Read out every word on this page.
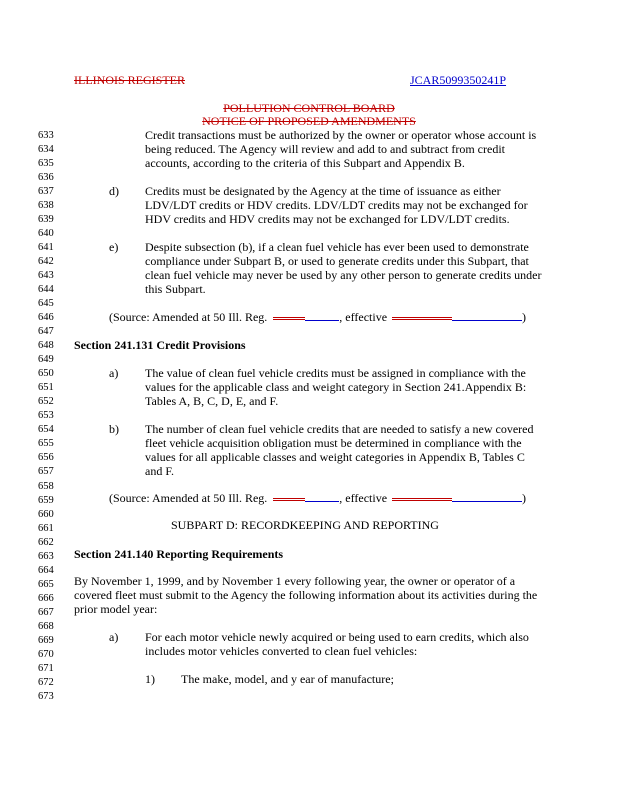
ILLINOIS REGISTER	JCAR5099350241P
POLLUTION CONTROL BOARD
NOTICE OF PROPOSED AMENDMENTS
633
634
635
636
637
638
639
640
641
642
643
644
645
646
647
648
649
650
651
652
653
654
655
656
657
658
659
660
661
662
663
664
665
666
667
668
669
670
671
672
673
Credit transactions must be authorized by the owner or operator whose account is
being reduced. The Agency will review and add to and subtract from credit
accounts, according to the criteria of this Subpart and Appendix B.
d) Credits must be designated by the Agency at the time of issuance as either
LDV/LDT credits or HDV credits. LDV/LDT credits may not be exchanged for
HDV credits and HDV credits may not be exchanged for LDV/LDT credits.
e) Despite subsection (b), if a clean fuel vehicle has ever been used to demonstrate
compliance under Subpart B, or used to generate credits under this Subpart, that
clean fuel vehicle may never be used by any other person to generate credits under
this Subpart.
(Source: Amended at 50 Ill. Reg.	, effective	)
Section 241.131 Credit Provisions
a) The value of clean fuel vehicle credits must be assigned in compliance with the
values for the applicable class and weight category in Section 241.Appendix B:
Tables A, B, C, D, E, and F.
b) The number of clean fuel vehicle credits that are needed to satisfy a new covered
fleet vehicle acquisition obligation must be determined in compliance with the
values for all applicable classes and weight categories in Appendix B, Tables C
and F.
(Source: Amended at 50 Ill. Reg.	, effective	)
SUBPART D: RECORDKEEPING AND REPORTING
Section 241.140 Reporting Requirements
By November 1, 1999, and by November 1 every following year, the owner or operator of a
covered fleet must submit to the Agency the following information about its activities during the
prior model year:
a) For each motor vehicle newly acquired or being used to earn credits, which also
includes motor vehicles converted to clean fuel vehicles:
1) The make, model, and y ear of manufacture;
